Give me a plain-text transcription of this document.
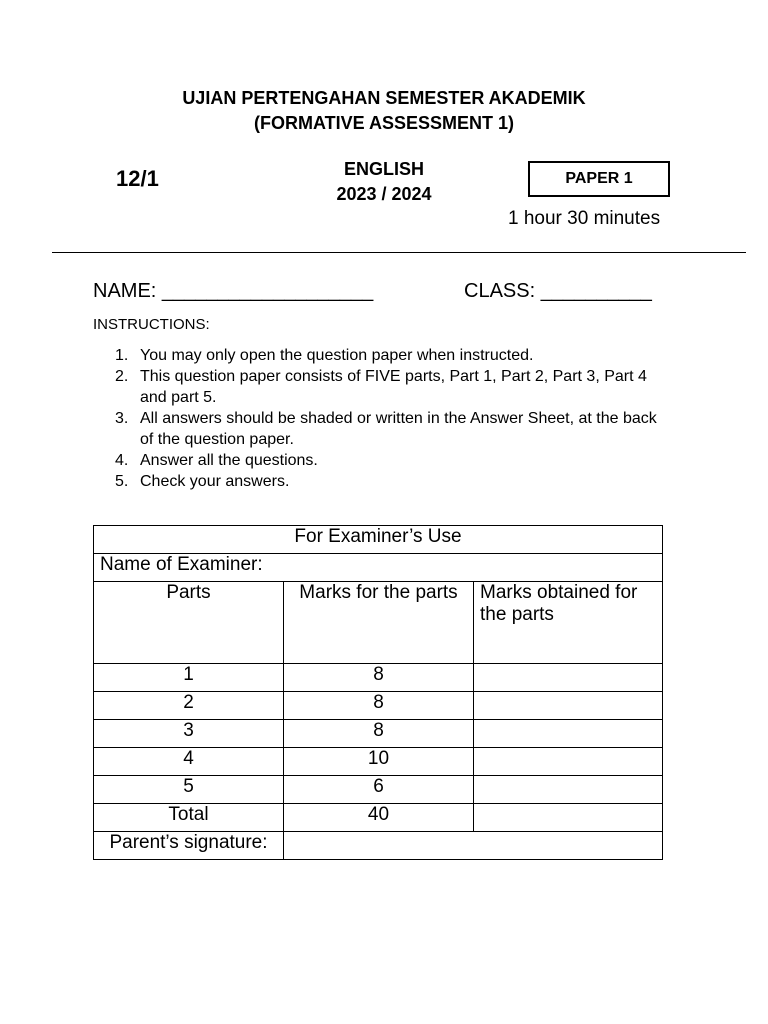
UJIAN PERTENGAHAN SEMESTER AKADEMIK
(FORMATIVE ASSESSMENT 1)
12/1	ENGLISH
2023 / 2024
PAPER 1
1 hour 30 minutes
NAME: ___________________	CLASS: __________
INSTRUCTIONS:
1. You may only open the question paper when instructed.
2. This question paper consists of FIVE parts, Part 1, Part 2, Part 3, Part 4 and part 5.
3. All answers should be shaded or written in the Answer Sheet, at the back of the question paper.
4. Answer all the questions.
5. Check your answers.
For Examiner’s Use		
Name of Examiner:		
Parts	Marks for the parts	Marks obtained for the parts
1	8	
2	8	
3	8	
4	10	
5	6	
Total	40	
Parent’s signature:		
